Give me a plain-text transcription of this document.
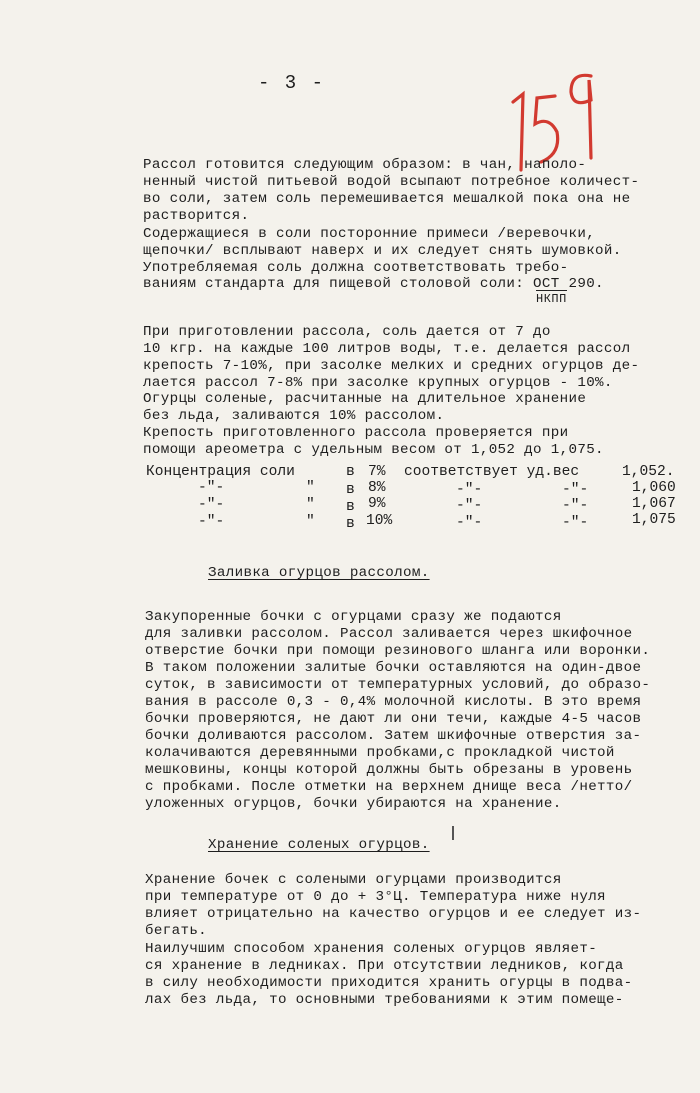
- 3 -
159
Рассол готовится следующим образом: в чан, наполо-
ненный чистой питьевой водой всыпают потребное количест-
во соли, затем соль перемешивается мешалкой пока она не
растворится.
Содержащиеся в соли посторонние примеси /веревочки,
щепочки/ всплывают наверх и их следует снять шумовкой.
Употребляемая соль должна соответствовать требо-
ваниям стандарта для пищевой столовой соли: ОСТ 290.
НКПП
При приготовлении рассола, соль дается от 7 до
10 кгр. на каждые 100 литров воды, т.е. делается рассол
крепость 7-10%, при засолке мелких и средних огурцов де-
лается рассол 7-8% при засолке крупных огурцов - 10%.
Огурцы соленые, расчитанные на длительное хранение
без льда, заливаются 10% рассолом.
Крепость приготовленного рассола проверяется при
помощи ареометра с удельным весом от 1,052 до 1,075.
Концентрация соли	в 7% соответствует уд.вес	1,052.
-"-	" в 8%	-"-	-"-	1,060
-"-	" в 9%	-"-	-"-	1,067
-"-	" в 10%	-"-	-"-	1,075
Заливка огурцов рассолом.
Закупоренные бочки с огурцами сразу же подаются
для заливки рассолом. Рассол заливается через шкифочное
отверстие бочки при помощи резинового шланга или воронки.
В таком положении залитые бочки оставляются на один-двое
суток, в зависимости от температурных условий, до образо-
вания в рассоле 0,3 - 0,4% молочной кислоты. В это время
бочки проверяются, не дают ли они течи, каждые 4-5 часов
бочки доливаются рассолом. Затем шкифочные отверстия за-
колачиваются деревянными пробками,с прокладкой чистой
мешковины, концы которой должны быть обрезаны в уровень
с пробками. После отметки на верхнем днище веса /нетто/
уложенных огурцов, бочки убираются на хранение.
Хранение соленых огурцов.
Хранение бочек с солеными огурцами производится
при температуре от 0 до + 3°Ц. Температура ниже нуля
влияет отрицательно на качество огурцов и ее следует из-
бегать.
Наилучшим способом хранения соленых огурцов являет-
ся хранение в ледниках. При отсутствии ледников, когда
в силу необходимости приходится хранить огурцы в подва-
лах без льда, то основными требованиями к этим помеще-
